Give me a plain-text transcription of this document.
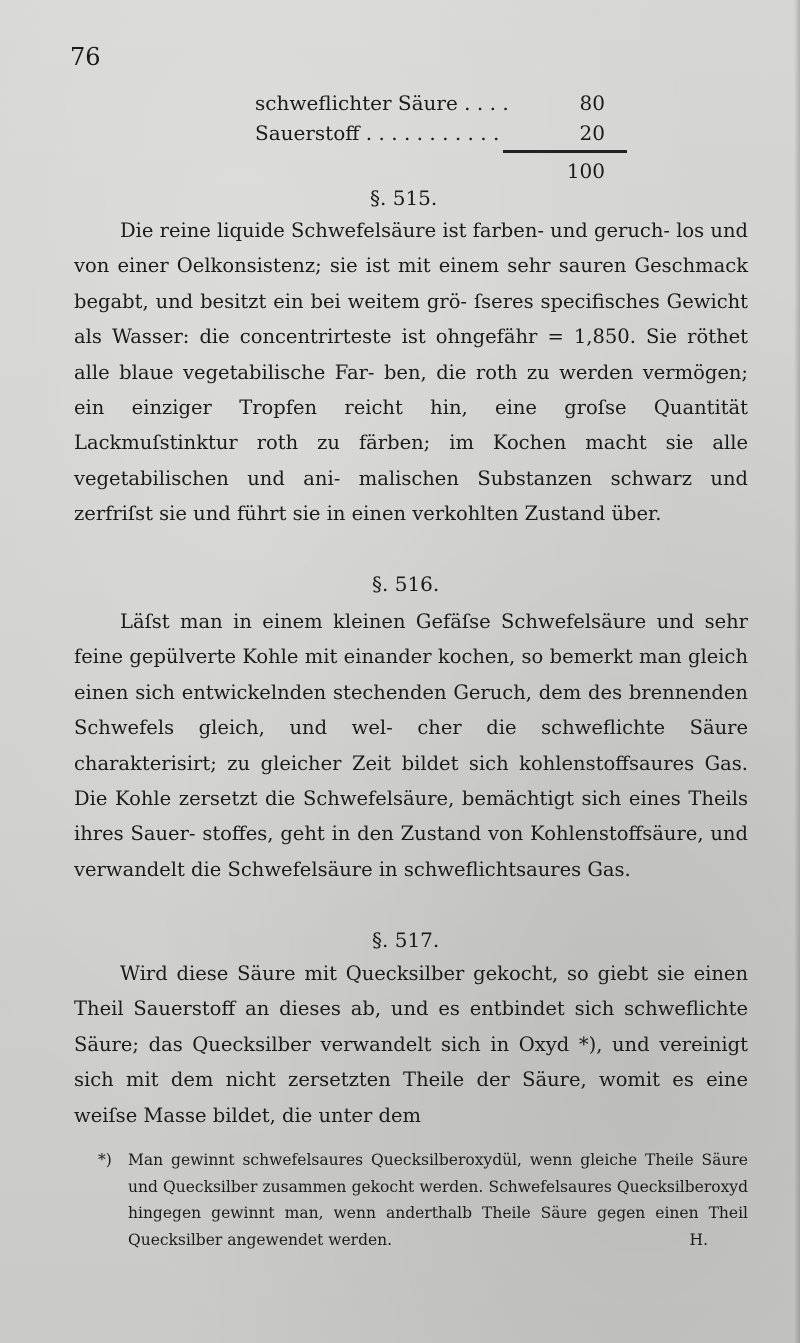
76
schweflichter Säure . . . .	80
Sauerstoff . . . . . . . . . . .	20
100
§. 515.
Die reine liquide Schwefelsäure ist farben- und geruch- los und von einer Oelkonsistenz; sie ist mit einem sehr sauren Geschmack begabt, und besitzt ein bei weitem grö- ſseres specifisches Gewicht als Wasser: die concentrirteste ist ohngefähr = 1,850. Sie röthet alle blaue vegetabilische Far- ben, die roth zu werden vermögen; ein einziger Tropfen reicht hin, eine groſse Quantität Lackmuſstinktur roth zu färben; im Kochen macht sie alle vegetabilischen und ani- malischen Substanzen schwarz und zerfriſst sie und führt sie in einen verkohlten Zustand über.
§. 516.
Läſst man in einem kleinen Gefäſse Schwefelsäure und sehr feine gepülverte Kohle mit einander kochen, so bemerkt man gleich einen sich entwickelnden stechenden Geruch, dem des brennenden Schwefels gleich, und wel- cher die schweflichte Säure charakterisirt; zu gleicher Zeit bildet sich kohlenstoffsaures Gas. Die Kohle zersetzt die Schwefelsäure, bemächtigt sich eines Theils ihres Sauer- stoffes, geht in den Zustand von Kohlenstoffsäure, und verwandelt die Schwefelsäure in schweflichtsaures Gas.
§. 517.
Wird diese Säure mit Quecksilber gekocht, so giebt sie einen Theil Sauerstoff an dieses ab, und es entbindet sich schweflichte Säure; das Quecksilber verwandelt sich in Oxyd *), und vereinigt sich mit dem nicht zersetzten Theile der Säure, womit es eine weiſse Masse bildet, die unter dem
*) Man gewinnt schwefelsaures Quecksilberoxydül, wenn gleiche Theile Säure und Quecksilber zusammen gekocht werden. Schwefelsaures Quecksilberoxyd hingegen gewinnt man, wenn anderthalb Theile Säure gegen einen Theil Quecksilber angewendet werden.	H.
